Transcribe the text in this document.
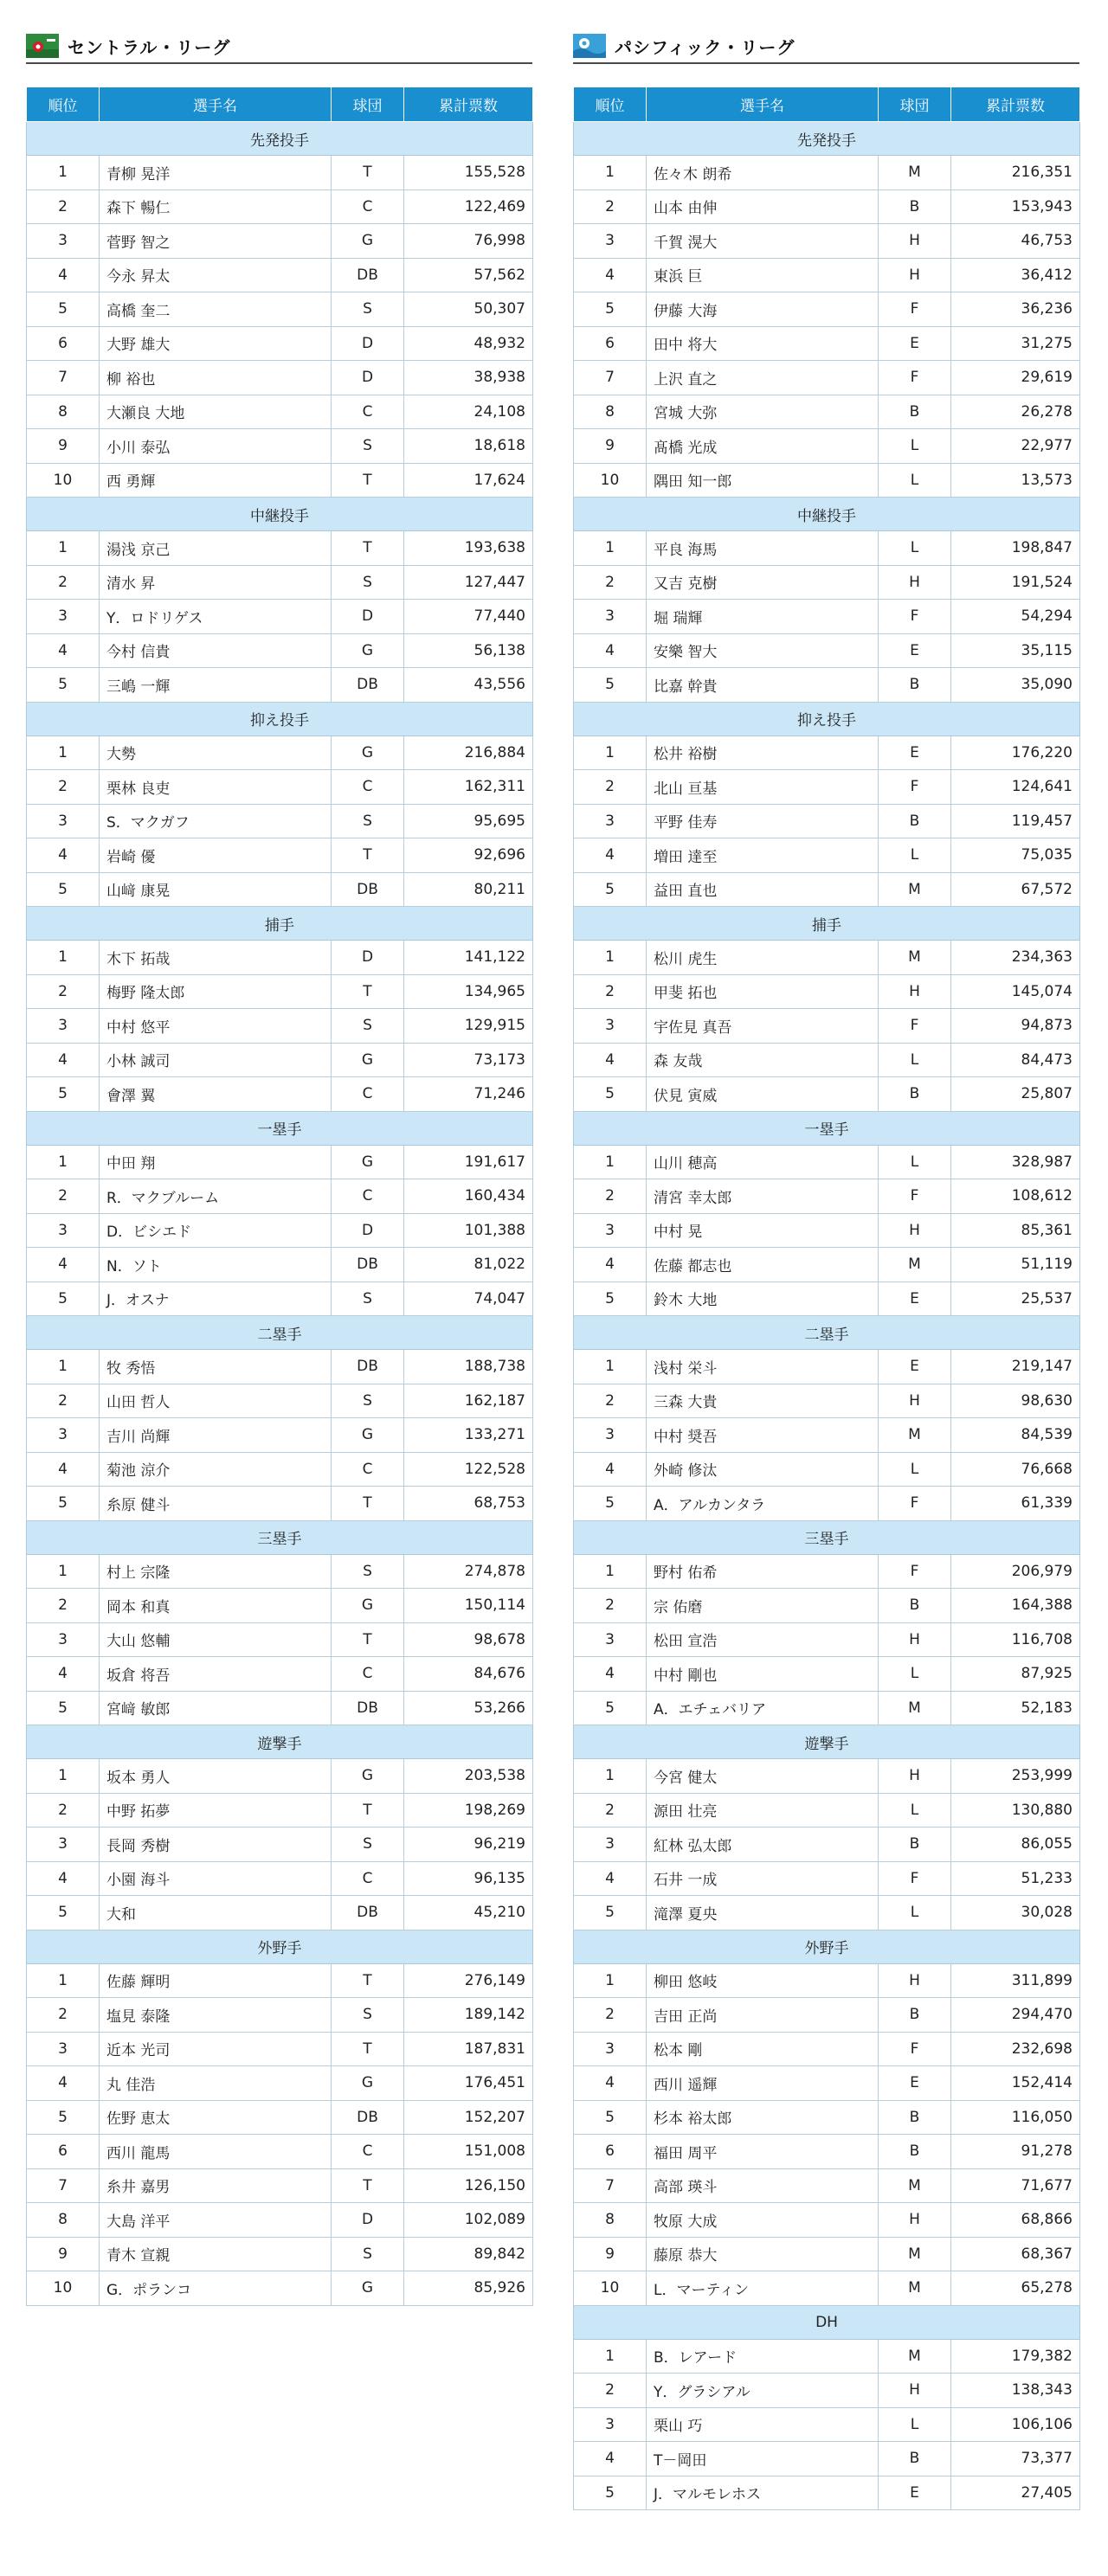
セントラル・リーグ
順位	選手名	球団	累計票数
先発投手			
1	青柳 晃洋	T	155,528
2	森下 暢仁	C	122,469
3	菅野 智之	G	76,998
4	今永 昇太	DB	57,562
5	高橋 奎二	S	50,307
6	大野 雄大	D	48,932
7	柳 裕也	D	38,938
8	大瀬良 大地	C	24,108
9	小川 泰弘	S	18,618
10	西 勇輝	T	17,624
中継投手			
1	湯浅 京己	T	193,638
2	清水 昇	S	127,447
3	Y．ロドリゲス	D	77,440
4	今村 信貴	G	56,138
5	三嶋 一輝	DB	43,556
抑え投手			
1	大勢	G	216,884
2	栗林 良吏	C	162,311
3	S．マクガフ	S	95,695
4	岩崎 優	T	92,696
5	山﨑 康晃	DB	80,211
捕手			
1	木下 拓哉	D	141,122
2	梅野 隆太郎	T	134,965
3	中村 悠平	S	129,915
4	小林 誠司	G	73,173
5	會澤 翼	C	71,246
一塁手			
1	中田 翔	G	191,617
2	R．マクブルーム	C	160,434
3	D．ビシエド	D	101,388
4	N．ソト	DB	81,022
5	J．オスナ	S	74,047
二塁手			
1	牧 秀悟	DB	188,738
2	山田 哲人	S	162,187
3	吉川 尚輝	G	133,271
4	菊池 涼介	C	122,528
5	糸原 健斗	T	68,753
三塁手			
1	村上 宗隆	S	274,878
2	岡本 和真	G	150,114
3	大山 悠輔	T	98,678
4	坂倉 将吾	C	84,676
5	宮﨑 敏郎	DB	53,266
遊撃手			
1	坂本 勇人	G	203,538
2	中野 拓夢	T	198,269
3	長岡 秀樹	S	96,219
4	小園 海斗	C	96,135
5	大和	DB	45,210
外野手			
1	佐藤 輝明	T	276,149
2	塩見 泰隆	S	189,142
3	近本 光司	T	187,831
4	丸 佳浩	G	176,451
5	佐野 恵太	DB	152,207
6	西川 龍馬	C	151,008
7	糸井 嘉男	T	126,150
8	大島 洋平	D	102,089
9	青木 宣親	S	89,842
10	G．ポランコ	G	85,926
パシフィック・リーグ
順位	選手名	球団	累計票数
先発投手			
1	佐々木 朗希	M	216,351
2	山本 由伸	B	153,943
3	千賀 滉大	H	46,753
4	東浜 巨	H	36,412
5	伊藤 大海	F	36,236
6	田中 将大	E	31,275
7	上沢 直之	F	29,619
8	宮城 大弥	B	26,278
9	髙橋 光成	L	22,977
10	隅田 知一郎	L	13,573
中継投手			
1	平良 海馬	L	198,847
2	又吉 克樹	H	191,524
3	堀 瑞輝	F	54,294
4	安樂 智大	E	35,115
5	比嘉 幹貴	B	35,090
抑え投手			
1	松井 裕樹	E	176,220
2	北山 亘基	F	124,641
3	平野 佳寿	B	119,457
4	増田 達至	L	75,035
5	益田 直也	M	67,572
捕手			
1	松川 虎生	M	234,363
2	甲斐 拓也	H	145,074
3	宇佐見 真吾	F	94,873
4	森 友哉	L	84,473
5	伏見 寅威	B	25,807
一塁手			
1	山川 穂高	L	328,987
2	清宮 幸太郎	F	108,612
3	中村 晃	H	85,361
4	佐藤 都志也	M	51,119
5	鈴木 大地	E	25,537
二塁手			
1	浅村 栄斗	E	219,147
2	三森 大貴	H	98,630
3	中村 奨吾	M	84,539
4	外崎 修汰	L	76,668
5	A．アルカンタラ	F	61,339
三塁手			
1	野村 佑希	F	206,979
2	宗 佑磨	B	164,388
3	松田 宣浩	H	116,708
4	中村 剛也	L	87,925
5	A．エチェバリア	M	52,183
遊撃手			
1	今宮 健太	H	253,999
2	源田 壮亮	L	130,880
3	紅林 弘太郎	B	86,055
4	石井 一成	F	51,233
5	滝澤 夏央	L	30,028
外野手			
1	柳田 悠岐	H	311,899
2	吉田 正尚	B	294,470
3	松本 剛	F	232,698
4	西川 遥輝	E	152,414
5	杉本 裕太郎	B	116,050
6	福田 周平	B	91,278
7	高部 瑛斗	M	71,677
8	牧原 大成	H	68,866
9	藤原 恭大	M	68,367
10	L．マーティン	M	65,278
DH			
1	B．レアード	M	179,382
2	Y．グラシアル	H	138,343
3	栗山 巧	L	106,106
4	T－岡田	B	73,377
5	J．マルモレホス	E	27,405
